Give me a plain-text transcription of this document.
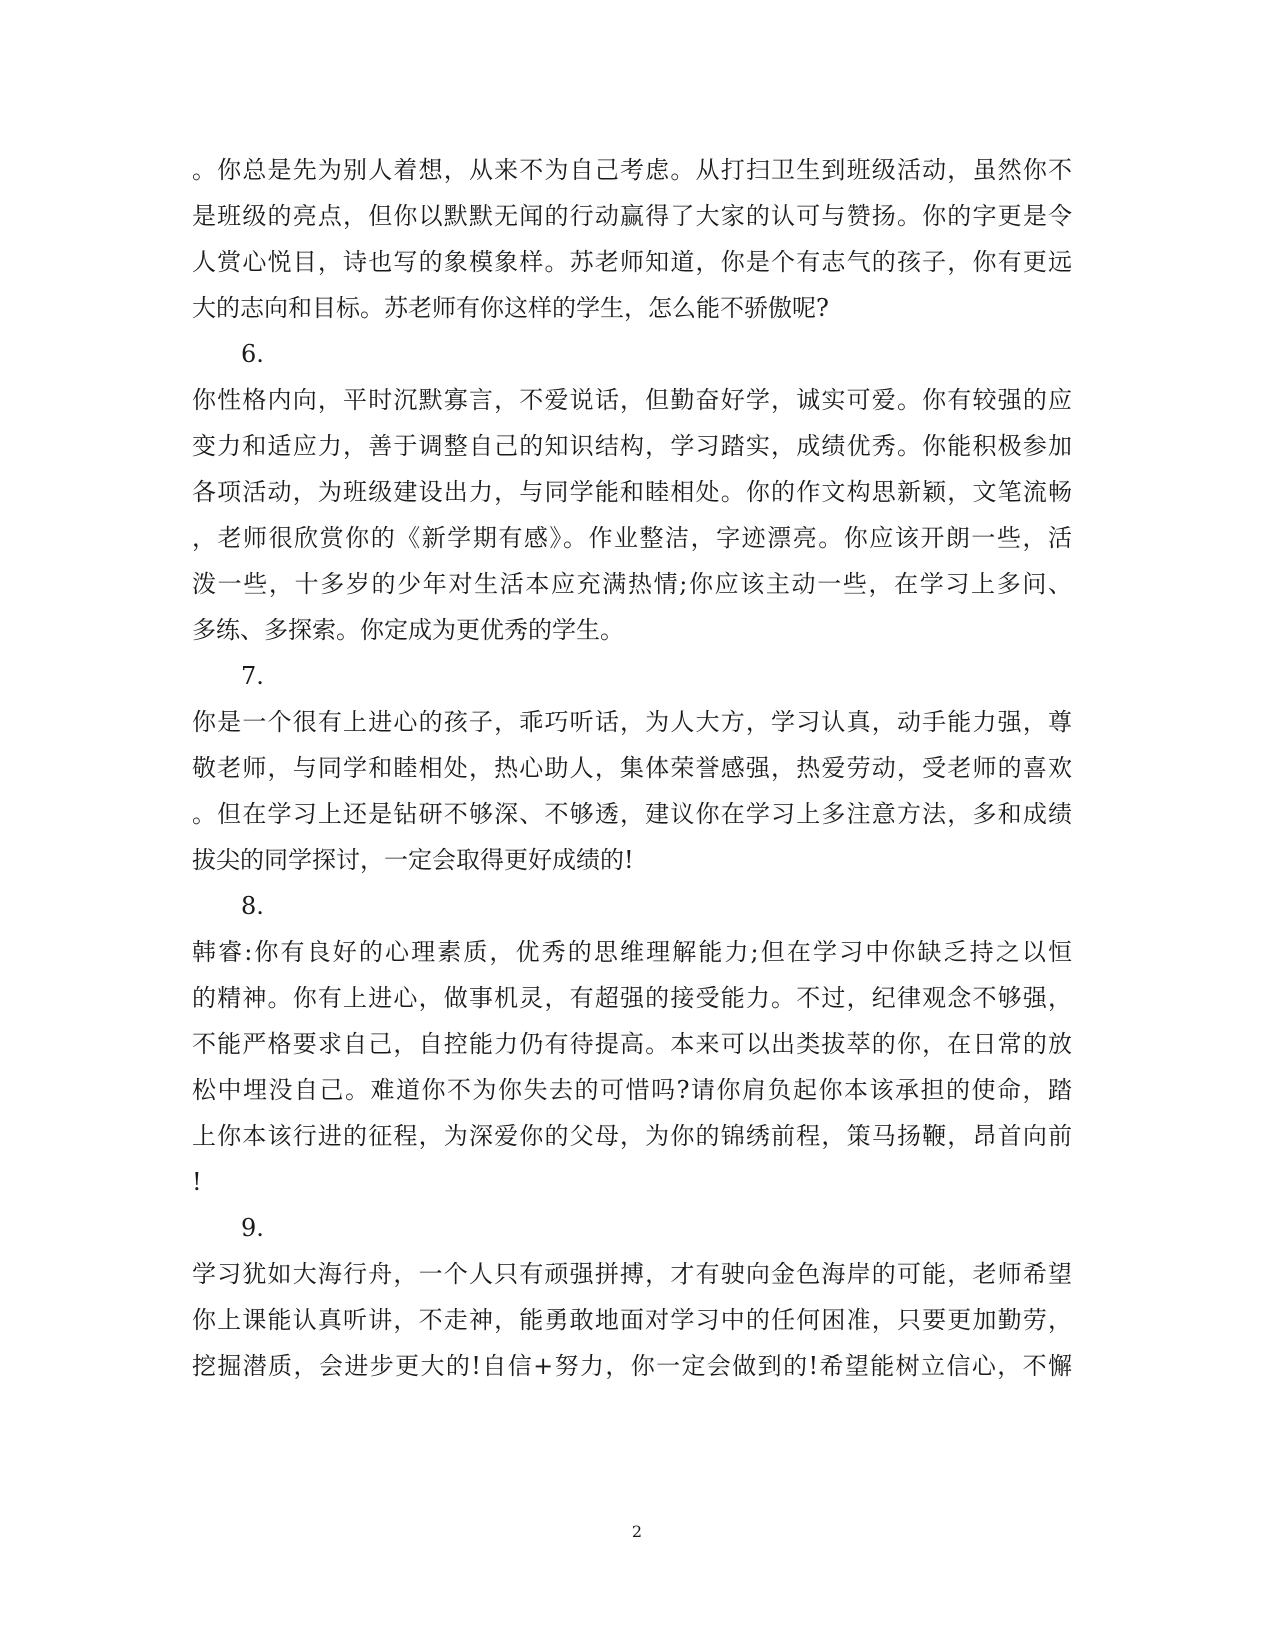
。你总是先为别人着想，从来不为自己考虑。从打扫卫生到班级活动，虽然你不
是班级的亮点，但你以默默无闻的行动赢得了大家的认可与赞扬。你的字更是令
人赏心悦目，诗也写的象模象样。苏老师知道，你是个有志气的孩子，你有更远
大的志向和目标。苏老师有你这样的学生，怎么能不骄傲呢?
6.
你性格内向，平时沉默寡言，不爱说话，但勤奋好学，诚实可爱。你有较强的应
变力和适应力，善于调整自己的知识结构，学习踏实，成绩优秀。你能积极参加
各项活动，为班级建设出力，与同学能和睦相处。你的作文构思新颖，文笔流畅
，老师很欣赏你的《新学期有感》。作业整洁，字迹漂亮。你应该开朗一些，活
泼一些，十多岁的少年对生活本应充满热情;你应该主动一些，在学习上多问、
多练、多探索。你定成为更优秀的学生。
7.
你是一个很有上进心的孩子，乖巧听话，为人大方，学习认真，动手能力强，尊
敬老师，与同学和睦相处，热心助人，集体荣誉感强，热爱劳动，受老师的喜欢
。但在学习上还是钻研不够深、不够透，建议你在学习上多注意方法，多和成绩
拔尖的同学探讨，一定会取得更好成绩的!
8.
韩睿:你有良好的心理素质，优秀的思维理解能力;但在学习中你缺乏持之以恒
的精神。你有上进心，做事机灵，有超强的接受能力。不过，纪律观念不够强，
不能严格要求自己，自控能力仍有待提高。本来可以出类拔萃的你，在日常的放
松中埋没自己。难道你不为你失去的可惜吗?请你肩负起你本该承担的使命，踏
上你本该行进的征程，为深爱你的父母，为你的锦绣前程，策马扬鞭，昂首向前
!
9.
学习犹如大海行舟，一个人只有顽强拼搏，才有驶向金色海岸的可能，老师希望
你上课能认真听讲，不走神，能勇敢地面对学习中的任何困准，只要更加勤劳，
挖掘潜质，会进步更大的!自信+努力，你一定会做到的!希望能树立信心，不懈
2
